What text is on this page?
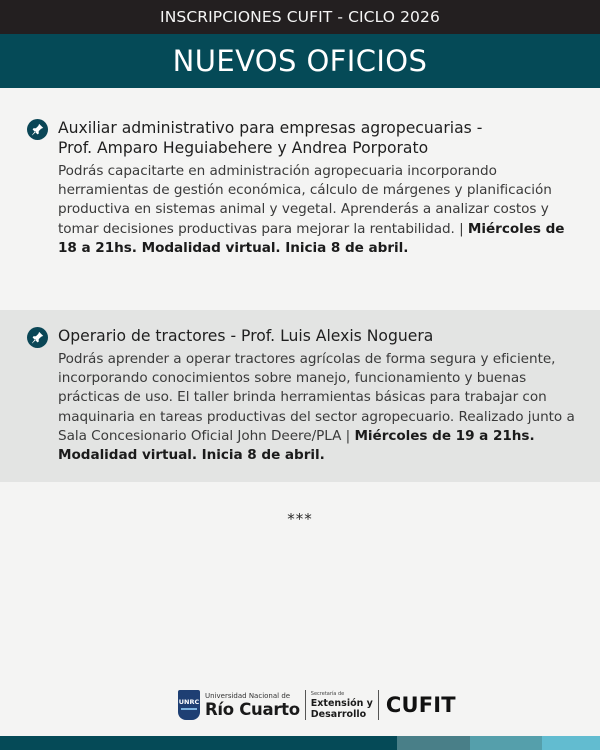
INSCRIPCIONES CUFIT - CICLO 2026
NUEVOS OFICIOS
Auxiliar administrativo para empresas agropecuarias -
Prof. Amparo Heguiabehere y Andrea Porporato
Podrás capacitarte en administración agropecuaria incorporando herramientas de gestión económica, cálculo de márgenes y planificación productiva en sistemas animal y vegetal. Aprenderás a analizar costos y tomar decisiones productivas para mejorar la rentabilidad. | Miércoles de 18 a 21hs. Modalidad virtual. Inicia 8 de abril.
Operario de tractores - Prof. Luis Alexis Noguera
Podrás aprender a operar tractores agrícolas de forma segura y eficiente, incorporando conocimientos sobre manejo, funcionamiento y buenas prácticas de uso. El taller brinda herramientas básicas para trabajar con maquinaria en tareas productivas del sector agropecuario. Realizado junto a Sala Concesionario Oficial John Deere/PLA | Miércoles de 19 a 21hs. Modalidad virtual. Inicia 8 de abril.
***
UNRC
Universidad Nacional de
Río Cuarto
Secretaría de
Extensión y
Desarrollo CUFIT
